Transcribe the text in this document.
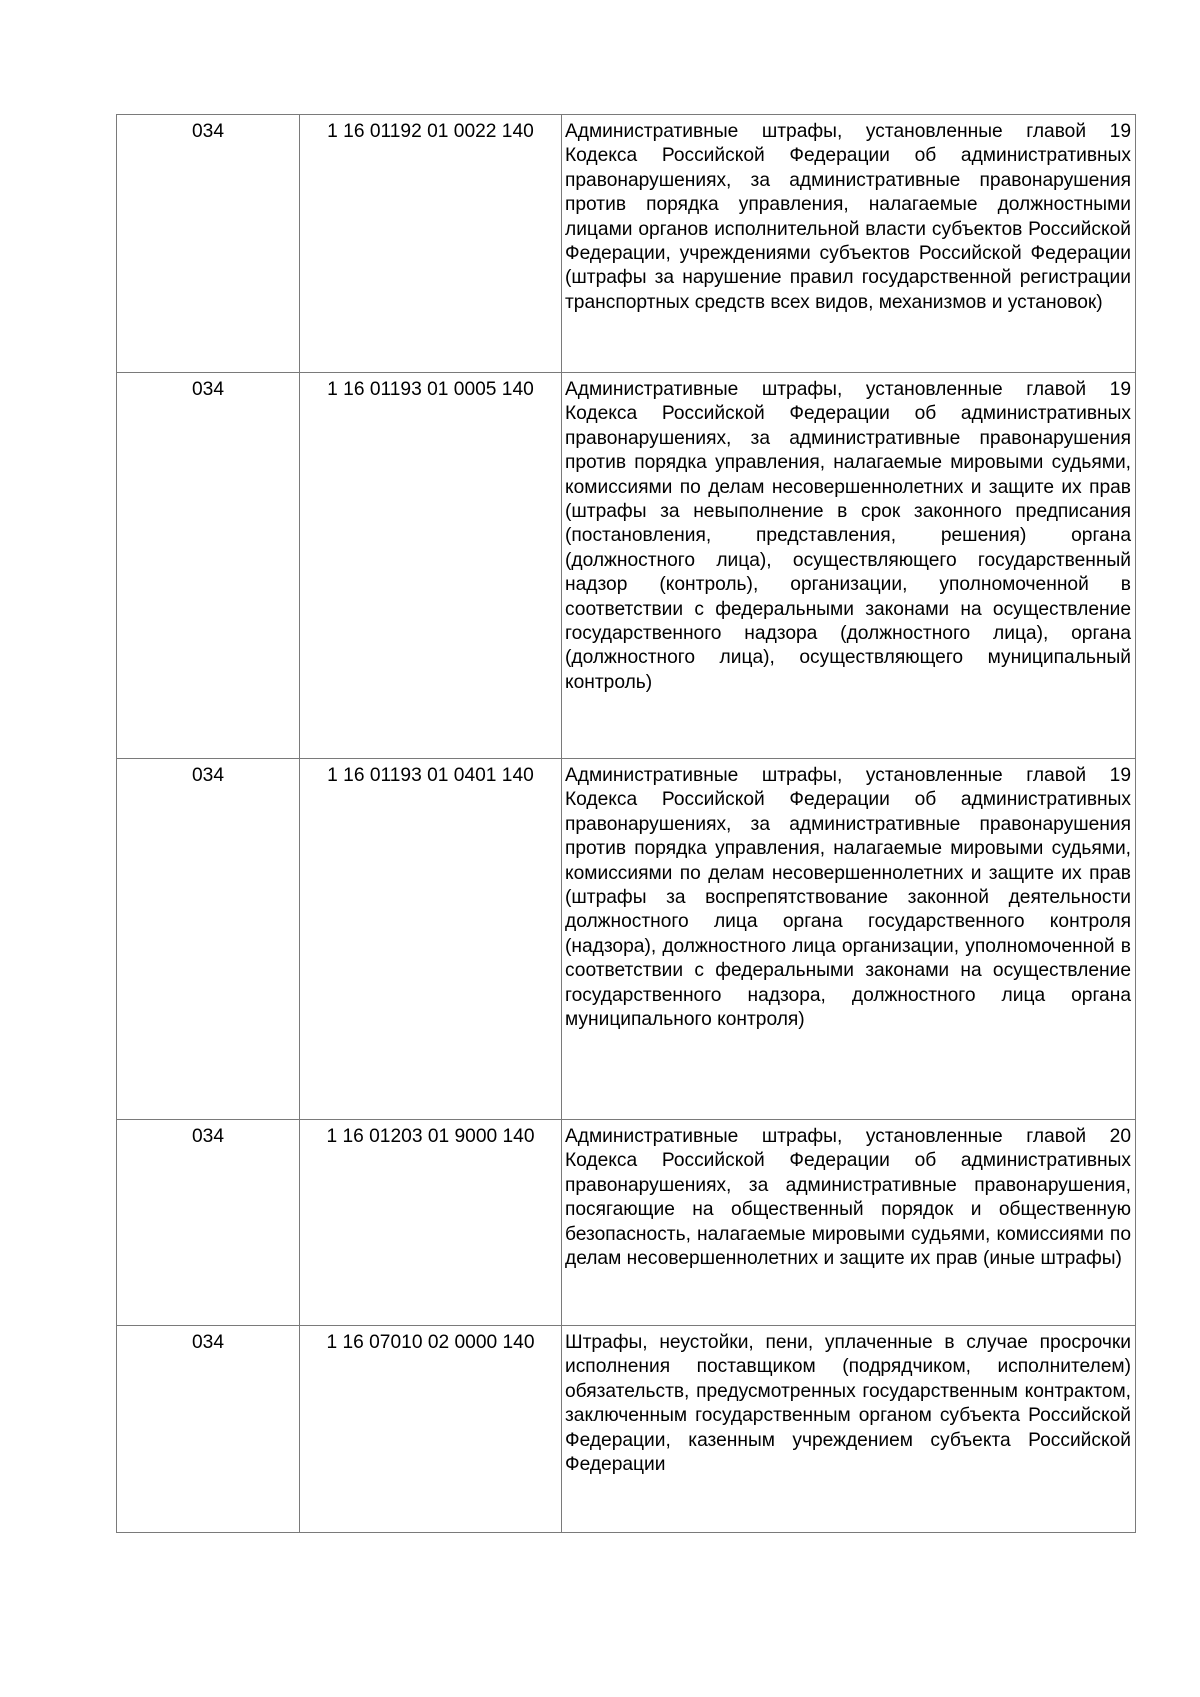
034	1 16 01192 01 0022 140	Административные штрафы, установленные главой 19 Кодекса Российской Федерации об административных правонарушениях, за административные правонарушения против порядка управления, налагаемые должностными лицами органов исполнительной власти субъектов Российской Федерации, учреждениями субъектов Российской Федерации (штрафы за нарушение правил государственной регистрации транспортных средств всех видов, механизмов и установок)
034	1 16 01193 01 0005 140	Административные штрафы, установленные главой 19 Кодекса Российской Федерации об административных правонарушениях, за административные правонарушения против порядка управления, налагаемые мировыми судьями, комиссиями по делам несовершеннолетних и защите их прав (штрафы за невыполнение в срок законного предписания (постановления, представления, решения) органа (должностного лица), осуществляющего государственный надзор (контроль), организации, уполномоченной в соответствии с федеральными законами на осуществление государственного надзора (должностного лица), органа (должностного лица), осуществляющего муниципальный контроль)
034	1 16 01193 01 0401 140	Административные штрафы, установленные главой 19 Кодекса Российской Федерации об административных правонарушениях, за административные правонарушения против порядка управления, налагаемые мировыми судьями, комиссиями по делам несовершеннолетних и защите их прав (штрафы за воспрепятствование законной деятельности должностного лица органа государственного контроля (надзора), должностного лица организации, уполномоченной в соответствии с федеральными законами на осуществление государственного надзора, должностного лица органа муниципального контроля)
034	1 16 01203 01 9000 140	Административные штрафы, установленные главой 20 Кодекса Российской Федерации об административных правонарушениях, за административные правонарушения, посягающие на общественный порядок и общественную безопасность, налагаемые мировыми судьями, комиссиями по делам несовершеннолетних и защите их прав (иные штрафы)
034	1 16 07010 02 0000 140	Штрафы, неустойки, пени, уплаченные в случае просрочки исполнения поставщиком (подрядчиком, исполнителем) обязательств, предусмотренных государственным контрактом, заключенным государственным органом субъекта Российской Федерации, казенным учреждением субъекта Российской Федерации
